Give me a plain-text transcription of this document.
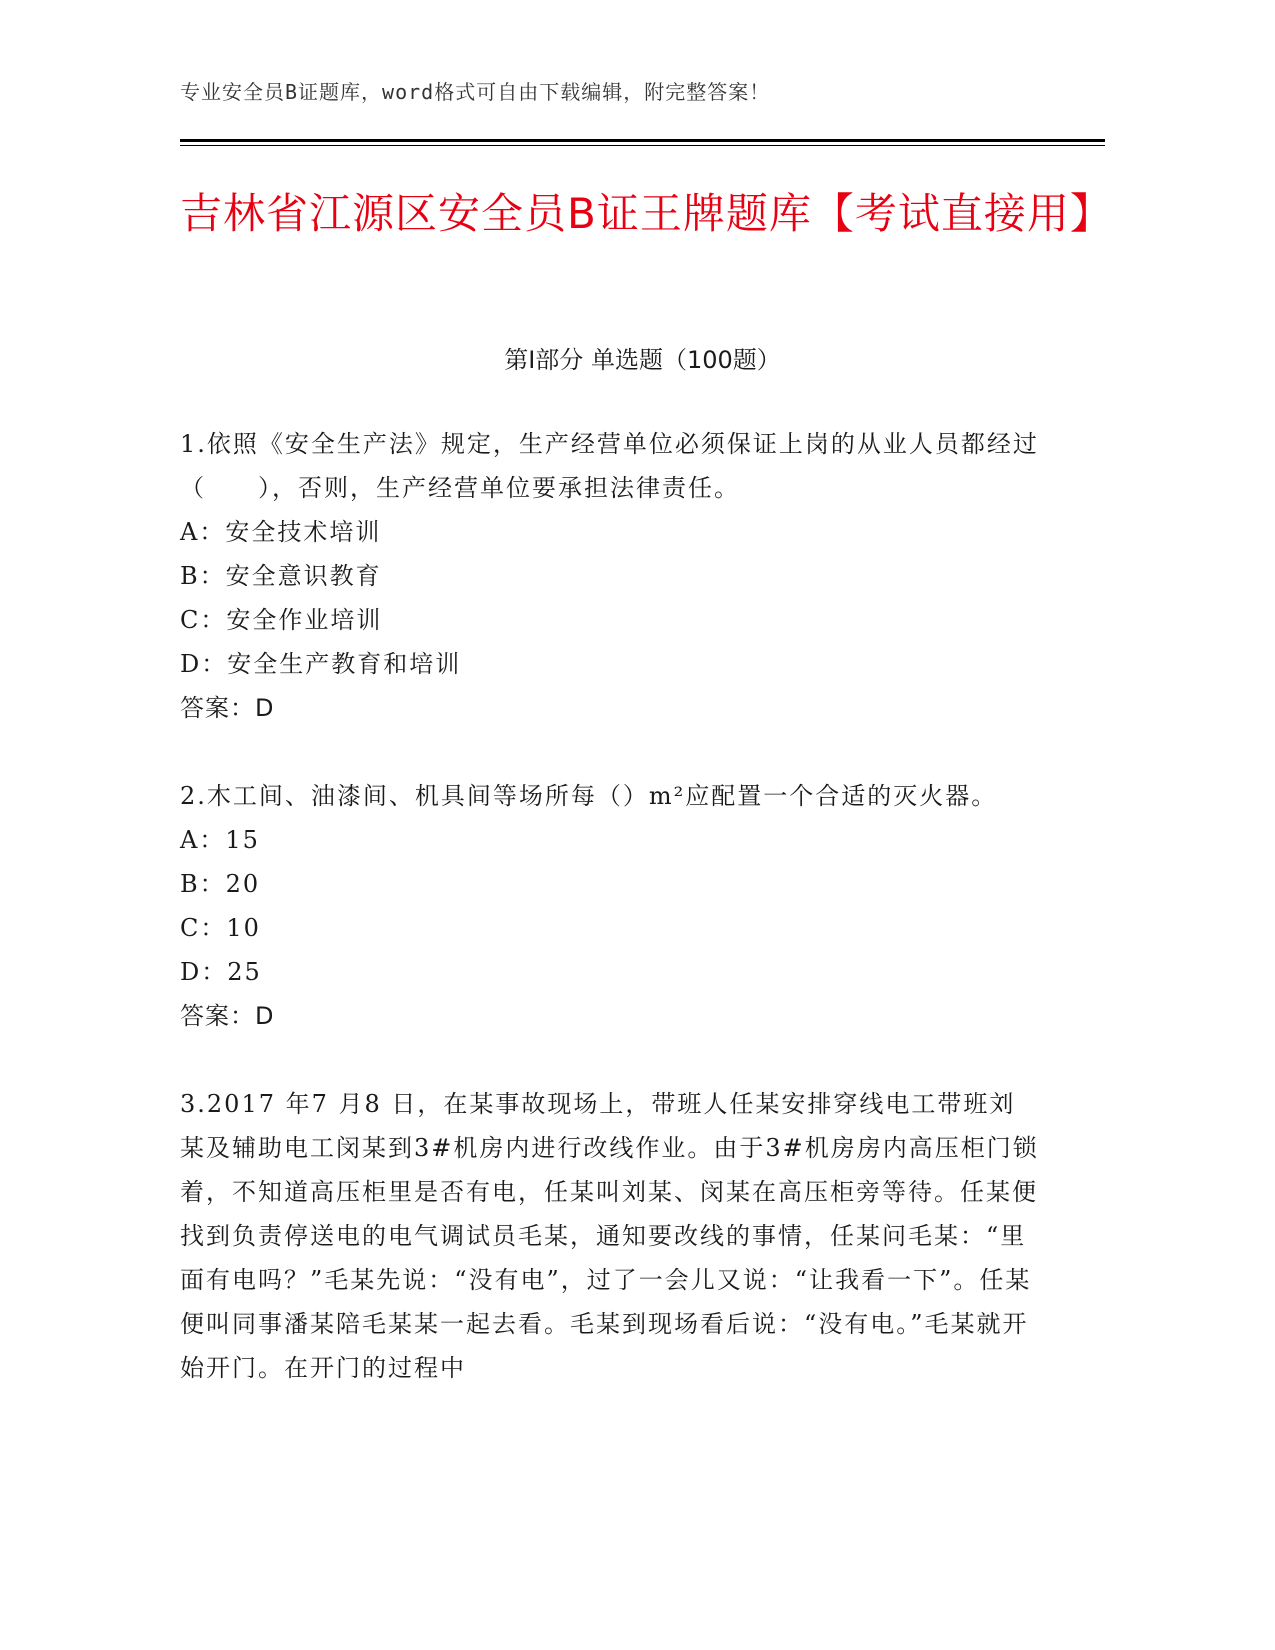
专业安全员B证题库，word格式可自由下载编辑，附完整答案！
吉林省江源区安全员B证王牌题库【考试直接用】
第I部分 单选题（100题）

1.依照《安全生产法》规定，生产经营单位必须保证上岗的从业人员都经过（　　），否则，生产经营单位要承担法律责任。

A：安全技术培训

B：安全意识教育

C：安全作业培训

D：安全生产教育和培训

答案：D

2.木工间、油漆间、机具间等场所每（）m²应配置一个合适的灭火器。

A：15

B：20

C：10

D：25

答案：D

3.2017 年7 月8 日，在某事故现场上，带班人任某安排穿线电工带班刘某及辅助电工闵某到3#机房内进行改线作业。由于3#机房房内高压柜门锁着，不知道高压柜里是否有电，任某叫刘某、闵某在高压柜旁等待。任某便找到负责停送电的电气调试员毛某，通知要改线的事情，任某问毛某：“里面有电吗？”毛某先说：“没有电”，过了一会儿又说：“让我看一下”。任某便叫同事潘某陪毛某某一起去看。毛某到现场看后说：“没有电。”毛某就开始开门。在开门的过程中
